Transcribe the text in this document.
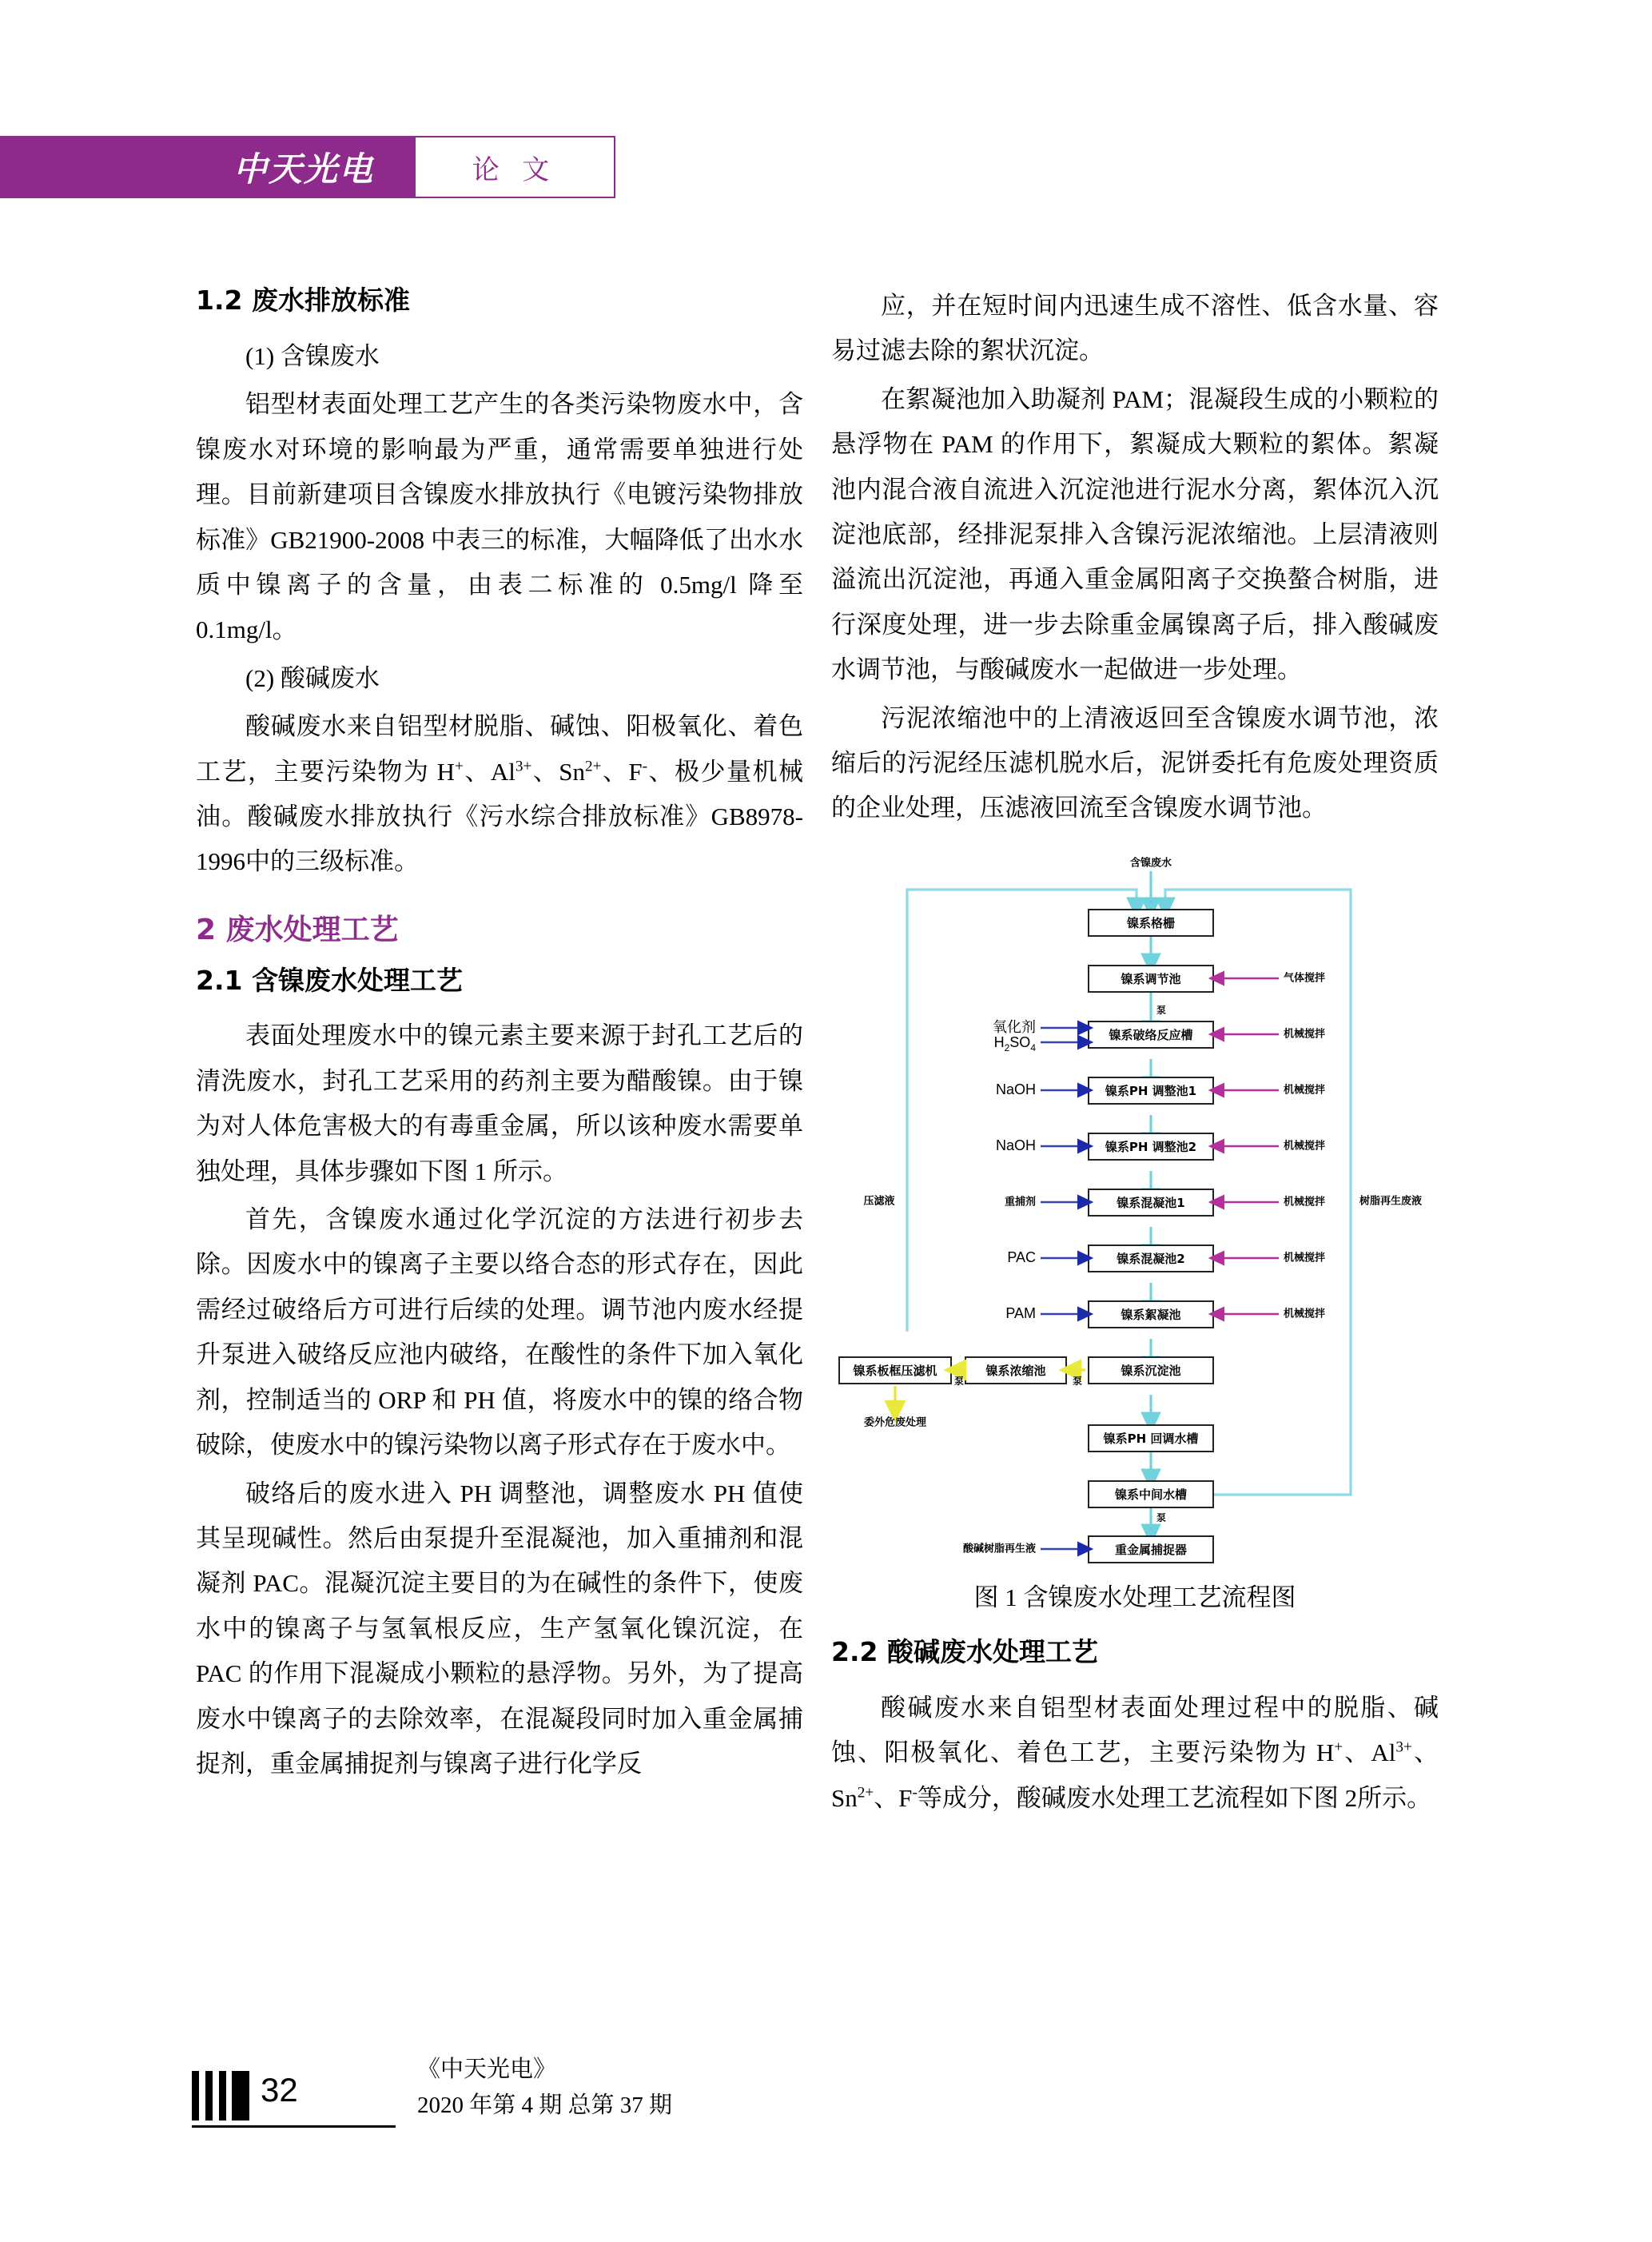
中天光电	论 文
1.2 废水排放标准

(1) 含镍废水

铝型材表面处理工艺产生的各类污染物废水中，含镍废水对环境的影响最为严重，通常需要单独进行处理。目前新建项目含镍废水排放执行《电镀污染物排放标准》GB21900-2008 中表三的标准，大幅降低了出水水质中镍离子的含量，由表二标准的 0.5mg/l 降至 0.1mg/l。

(2) 酸碱废水

酸碱废水来自铝型材脱脂、碱蚀、阳极氧化、着色工艺，主要污染物为 H+、$Al^{3+}$、$Sn^{2+}$、F-、极少量机械油。酸碱废水排放执行《污水综合排放标准》GB8978-1996中的三级标准。

2 废水处理工艺
2.1 含镍废水处理工艺

表面处理废水中的镍元素主要来源于封孔工艺后的清洗废水，封孔工艺采用的药剂主要为醋酸镍。由于镍为对人体危害极大的有毒重金属，所以该种废水需要单独处理，具体步骤如下图 1 所示。

首先，含镍废水通过化学沉淀的方法进行初步去除。因废水中的镍离子主要以络合态的形式存在，因此需经过破络后方可进行后续的处理。调节池内废水经提升泵进入破络反应池内破络，在酸性的条件下加入氧化剂，控制适当的 ORP 和 PH 值，将废水中的镍的络合物破除，使废水中的镍污染物以离子形式存在于废水中。

破络后的废水进入 PH 调整池，调整废水 PH 值使其呈现碱性。然后由泵提升至混凝池，加入重捕剂和混凝剂 PAC。混凝沉淀主要目的为在碱性的条件下，使废水中的镍离子与氢氧根反应，生产氢氧化镍沉淀，在 PAC 的作用下混凝成小颗粒的悬浮物。另外，为了提高废水中镍离子的去除效率，在混凝段同时加入重金属捕捉剂，重金属捕捉剂与镍离子进行化学反

应，并在短时间内迅速生成不溶性、低含水量、容易过滤去除的絮状沉淀。

在絮凝池加入助凝剂 PAM；混凝段生成的小颗粒的悬浮物在 PAM 的作用下，絮凝成大颗粒的絮体。絮凝池内混合液自流进入沉淀池进行泥水分离，絮体沉入沉淀池底部，经排泥泵排入含镍污泥浓缩池。上层清液则溢流出沉淀池，再通入重金属阳离子交换螯合树脂，进行深度处理，进一步去除重金属镍离子后，排入酸碱废水调节池，与酸碱废水一起做进一步处理。

污泥浓缩池中的上清液返回至含镍废水调节池，浓缩后的污泥经压滤机脱水后，泥饼委托有危废处理资质的企业处理，压滤液回流至含镍废水调节池。

含镍废水
镍系格栅
镍系调节池	气体搅拌
泵
镍系破络反应槽
氧化剂
$H_2SO_4$
机械搅拌
镍系PH 调整池1
NaOH	机械搅拌
镍系PH 调整池2
NaOH	机械搅拌
镍系混凝池1
重捕剂	机械搅拌
镍系混凝池2
PAC	机械搅拌
镍系絮凝池
PAM	机械搅拌
镍系沉淀池
镍系浓缩池
镍系板框压滤机
泵
泵
委外危废处理
镍系PH 回调水槽
镍系中间水槽
泵
重金属捕捉器
酸碱树脂再生液
压滤液	树脂再生废液

图 1 含镍废水处理工艺流程图

2.2 酸碱废水处理工艺

酸碱废水来自铝型材表面处理过程中的脱脂、碱蚀、阳极氧化、着色工艺，主要污染物为 H+、$Al^{3+}$、$Sn^{2+}$、F-等成分，酸碱废水处理工艺流程如下图 2所示。

32
《中天光电》
2020 年第 4 期 总第 37 期
